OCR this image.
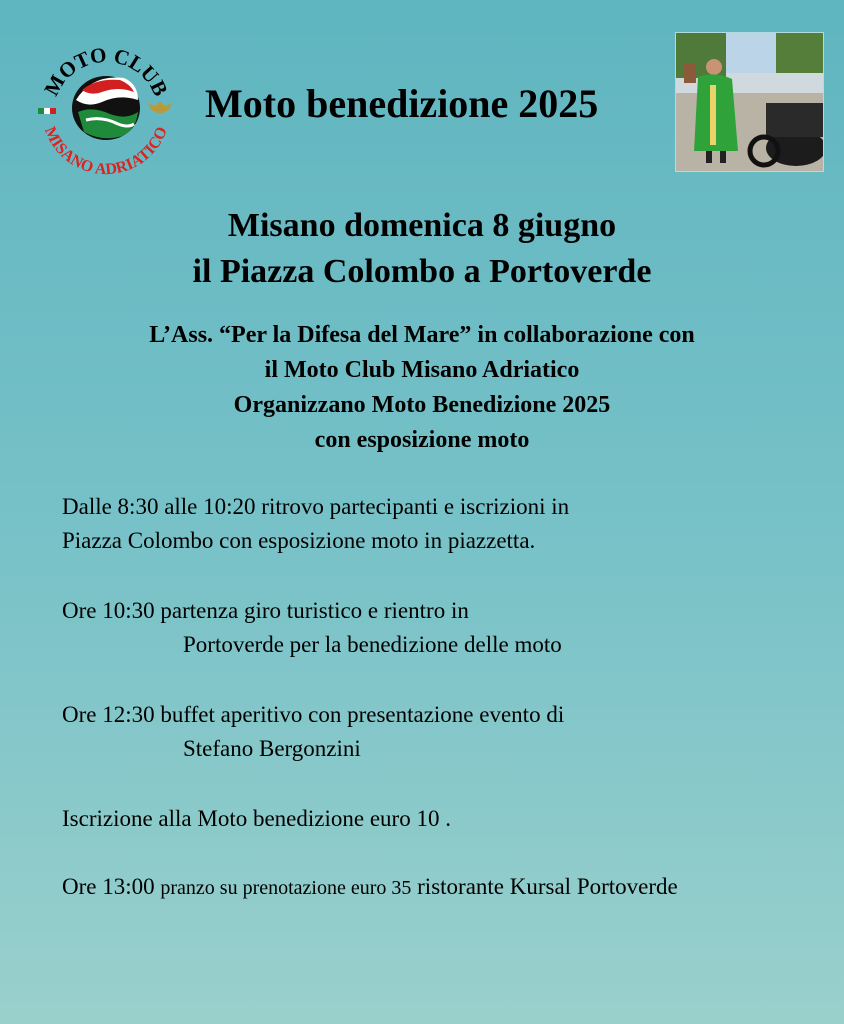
MOTO CLUB
MISANO ADRIATICO
Moto benedizione 2025
Misano domenica 8 giugno
il Piazza Colombo a Portoverde
L’Ass. “Per la Difesa del Mare” in collaborazione con
il Moto Club Misano Adriatico
Organizzano Moto Benedizione 2025
con esposizione moto
Dalle 8:30 alle 10:20 ritrovo partecipanti e iscrizioni in
Piazza Colombo con esposizione moto in piazzetta.
Ore 10:30 partenza giro turistico e rientro in
Portoverde per la benedizione delle moto
Ore 12:30 buffet aperitivo con presentazione evento di
Stefano Bergonzini
Iscrizione alla Moto benedizione euro 10 .
Ore 13:00 pranzo su prenotazione euro 35 ristorante Kursal Portoverde
